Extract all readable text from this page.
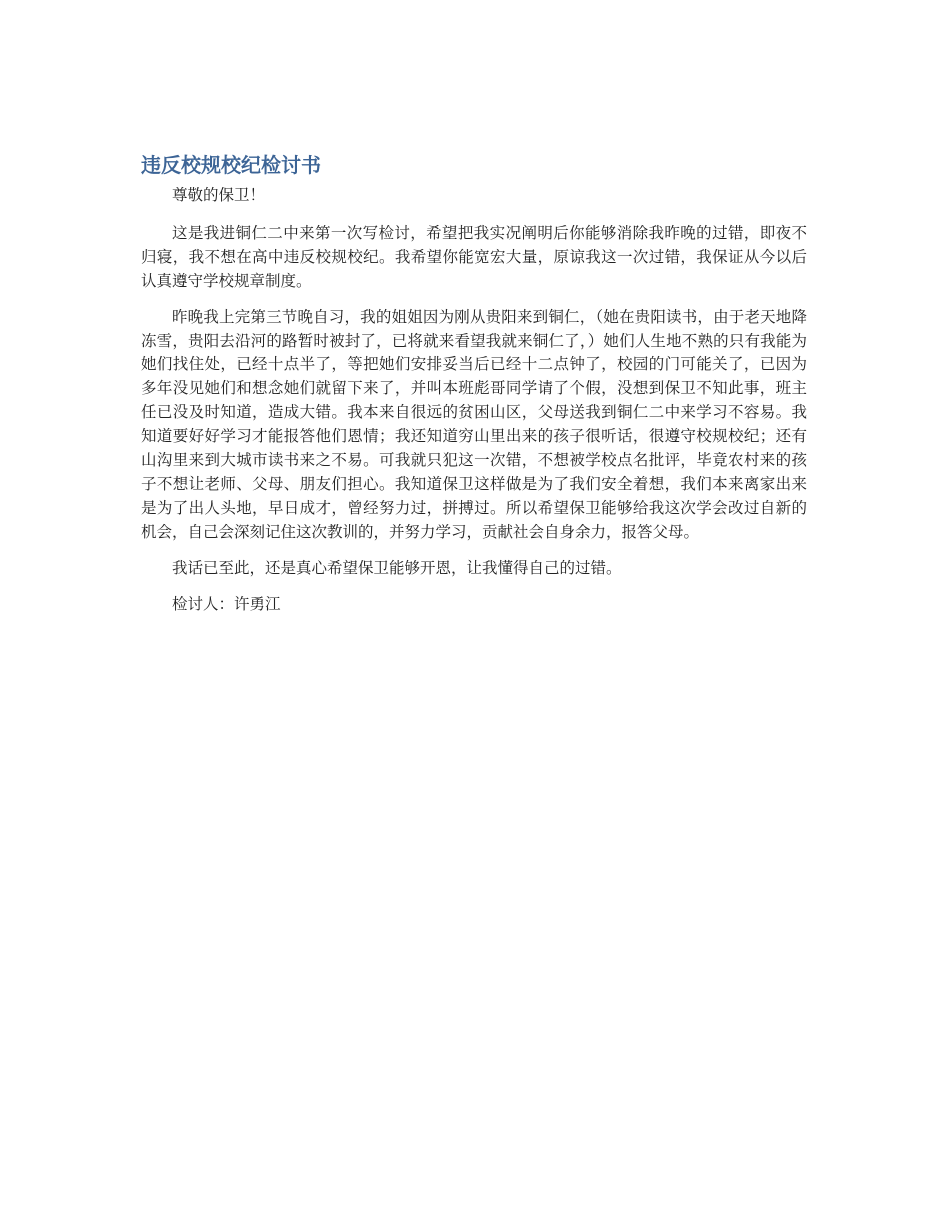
违反校规校纪检讨书

尊敬的保卫！

这是我进铜仁二中来第一次写检讨，希望把我实况阐明后你能够消除我昨晚的过错，即夜不归寝，我不想在高中违反校规校纪。我希望你能宽宏大量，原谅我这一次过错，我保证从今以后认真遵守学校规章制度。

昨晚我上完第三节晚自习，我的姐姐因为刚从贵阳来到铜仁，（她在贵阳读书，由于老天地降冻雪，贵阳去沿河的路暂时被封了，已将就来看望我就来铜仁了，）她们人生地不熟的只有我能为她们找住处，已经十点半了，等把她们安排妥当后已经十二点钟了，校园的门可能关了，已因为多年没见她们和想念她们就留下来了，并叫本班彪哥同学请了个假，没想到保卫不知此事，班主任已没及时知道，造成大错。我本来自很远的贫困山区，父母送我到铜仁二中来学习不容易。我知道要好好学习才能报答他们恩情；我还知道穷山里出来的孩子很听话，很遵守校规校纪；还有山沟里来到大城市读书来之不易。可我就只犯这一次错，不想被学校点名批评，毕竟农村来的孩子不想让老师、父母、朋友们担心。我知道保卫这样做是为了我们安全着想，我们本来离家出来是为了出人头地，早日成才，曾经努力过，拼搏过。所以希望保卫能够给我这次学会改过自新的机会，自己会深刻记住这次教训的，并努力学习，贡献社会自身余力，报答父母。

我话已至此，还是真心希望保卫能够开恩，让我懂得自己的过错。

检讨人：许勇江
